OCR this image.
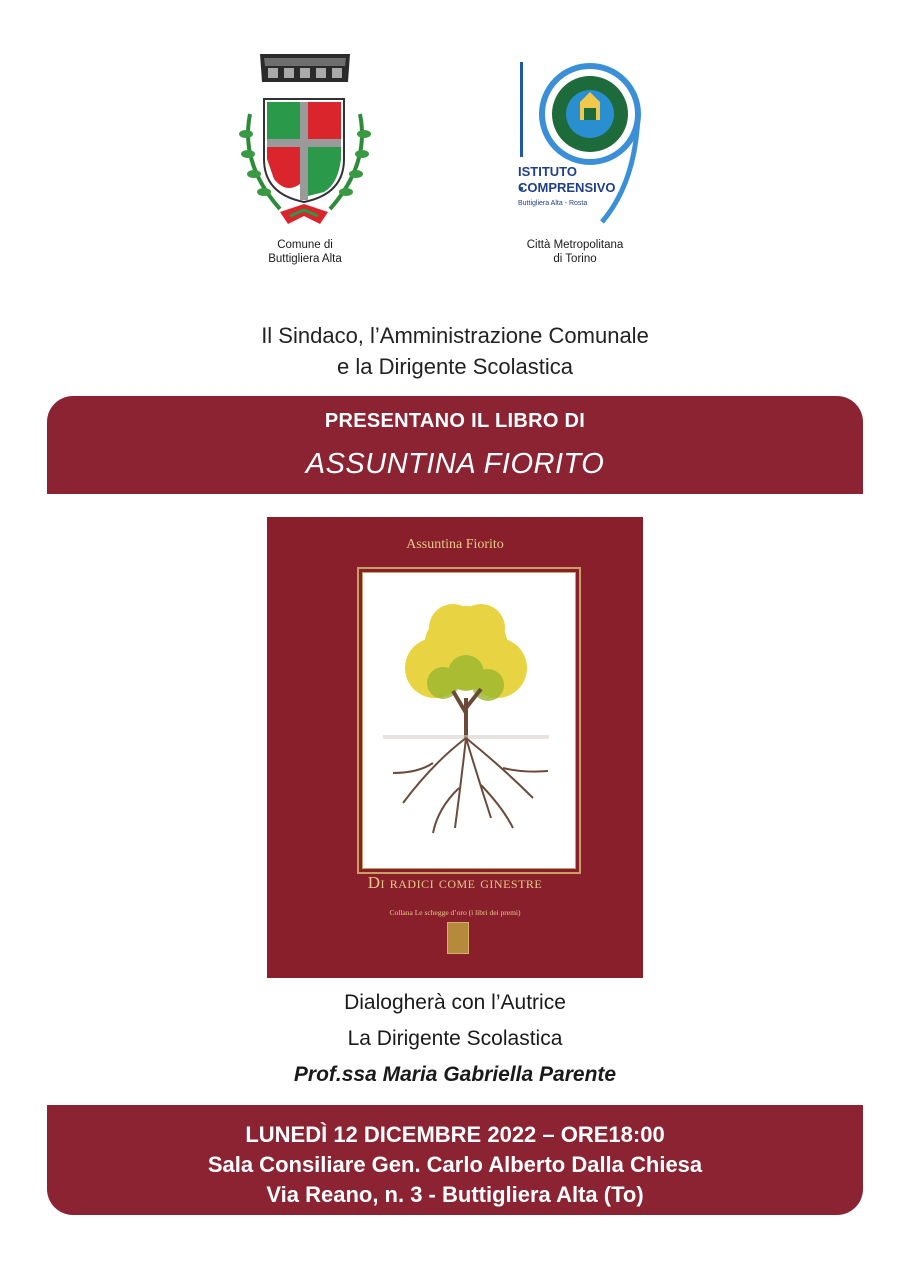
Comune di
Buttigliera Alta
ISTITUTO
COMPRENSIVO
Buttigliera Alta - Rosta
Città Metropolitana
di Torino
Il Sindaco, l’Amministrazione Comunale
e la Dirigente Scolastica
PRESENTANO IL LIBRO DI
ASSUNTINA FIORITO
Assuntina Fiorito
Di radici come ginestre
Collana Le schegge d’oro (i libri dei premi)
Dialogherà con l’Autrice
La Dirigente Scolastica
Prof.ssa Maria Gabriella Parente
LUNEDÌ 12 DICEMBRE 2022 – ORE18:00
Sala Consiliare Gen. Carlo Alberto Dalla Chiesa
Via Reano, n. 3 - Buttigliera Alta (To)
